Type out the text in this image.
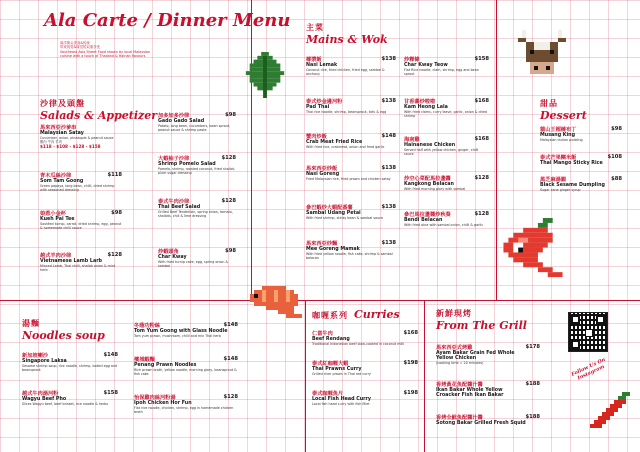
Ala Carte / Dinner Menu
南洋街头美食&传统
带来视觉&味觉的双重享受
Southeast Asia Street Food shown by local Malaysian
cuisine with a touch of Thailand & Hainan flavours
沙律及頭盤
Salads & Appetizer
馬來西亞沙爹串
Malaysian Satay
Cucumber, onion, pineapple & peanut sauce
雞肉 牛肉 羊肉
$118 - $108 - $128 - $158
青木瓜絲沙律
Som Tam Goong
Green papaya, long bean, chilli, dried shrimp with seasoned dressing
$118
娘惹小金杯
Kueh Pai Tee
Sautéed turnip, carrot, dried shrimp, egg, peanut & homemade chilli sauce
$98
越式羊肉沙律
Vietnamese Lamb Larb
Minced Lamb, Thai chilli, shallot onion & mint herb
$128
加多加多沙律
Gado Gado Salad
Potato, long bean, cucumbers, bean sprout, peanut sauce & shrimp paste
$98
大蝦柚子沙律
Shrimp Pomelo Salad
Pomelo, shrimp, roasted coconut, fried shallot, plum sugar dressing
$128
泰式牛肉沙律
Thai Beef Salad
Grilled Beef Tenderloin, spring onion, tomato, shallots, chili & lime dressing
$128
炒蝦頭角
Char Kway
With fried turnip cake, egg, spring onion & sambal
$98
主菜
Mains & Wok
椰漿飯
Nasi Lemak
Coconut rice, fried chicken, fried egg, sambal & anchovy
$138
泰式炒金邊河粉
Pad Thai
Thai rice noodle, shrimp, beansprout, tofu & egg
$138
蟹肉炒飯
Crab Meat Fried Rice
With fried rice, crabmeat, onion and fried garlic
$148
馬來西亞炒飯
Nasi Goreng
Fried Malaysian rice, fried prawn and chicken satay
$138
參巴蝦炒大蝦配番薯
Sambal Udang Petai
With fried shrimp, stinky bean & sambal sauce
$138
馬來西亞炒麵
Mee Goreng Mamak
With fried yellow noodle, fish cake, shrimp & sambal belacan
$138
炒粿條
Char Kway Teow
Flat Rice noodle, clam, shrimp, egg and bean sprout
$158
甘香蕃炒啦啦
Kam Heong Lala
With fried clams, curry leave, garlic, onion & dried shrimp
$168
海南雞
Hainanese Chicken
Served half with yellow chicken, ginger, chilli sauce
$168
炒空心菜配馬拉盞醬
Kangkong Belacan
With fried morning glory with sambal
$128
參巴馬拉盞醬炒秋葵
Bendi Belacan
With fried okra with sambal onion, chilli & garlic
$128
甜品
Dessert
貓山王榴槤布丁
Musang King
Malaysian durian pudding
$98
泰式芒果糯米飯
Thai Mango Sticky Rice
$108
黑芝麻湯圓
Black Sesame Dumpling
Sugar cane ginger syrup
$88
湯麵
Noodles soup
新加坡喇沙
Singapore Laksa
Sesame shrimp soup, rice noodle, shrimp, boiled egg and beansprout
$148
越式牛肉湯河粉
Wagyu Beef Pho
Slices Wagyu beef, beef brisket, rice noodle & herbs
$158
冬蔭功粉絲
Tom Yum Goong with Glass Noodle
Tom yum prawn, mushroom, chilli and mix Thai herb
$148
檳城蝦麵
Penang Prawn Noodles
Rich prawn broth, yellow noodle, morning glory, beansprout & fish cake
$148
怡保雞肉絲河粉湯
Ipoh Chicken Hor Fun
Flat rice noodle, chicken, shrimp, egg in homemade chicken broth
$128
咖喱系列 Curries
仁當牛肉
Beef Rendang
Traditional Indonesian beef slow-cooked in coconut milk
$168
泰式紅咖喱大蝦
Thai Prawns Curry
Grilled river prawn in Thai red curry
$198
泰式咖喱魚片
Local Fish Head Curry
Local fish head curry with fish fillet
$198
新鮮現烤
From The Grill
馬來西亞式烤雞
Ayam Bakar Grain Fed Whole Yellow Chicken
(cooking time = 20 minutes)
$178
香烤黃花魚配醬汁醬
Ikan Bakar Whole Yellow Croacker Fish Ikan Bakar
$188
香烤全魷魚配醬汁醬
Sotong Bakar Grilled Fresh Squid
$188
Follow Us On Instagram
